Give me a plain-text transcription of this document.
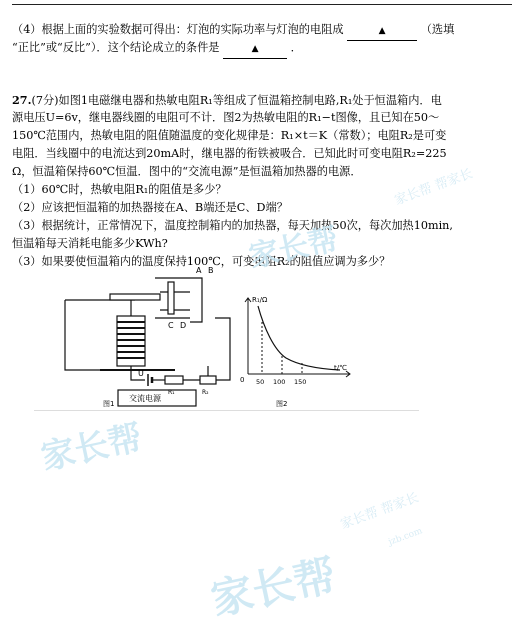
（4）根据上面的实验数据可得出：灯泡的实际功率与灯泡的电阻成	▲	（选填
“正比”或“反比”）．这个结论成立的条件是	▲	．
27.(7分)如图1电磁继电器和热敏电阻R₁等组成了恒温箱控制电路,R₁处于恒温箱内．电
源电压U=6v，继电器线圈的电阻可不计．图2为热敏电阻的R₁−t图像，且已知在50～
150℃范围内，热敏电阻的阻值随温度的变化规律是：R₁×t＝K（常数）；电阻R₂是可变
电阻．当线圈中的电流达到20mA时，继电器的衔铁被吸合．已知此时可变电阻R₂=225
Ω，恒温箱保持60℃恒温．图中的“交流电源”是恒温箱加热器的电源．
（1）60℃时，热敏电阻R₁的阻值是多少？
（2）应该把恒温箱的加热器接在A、B端还是C、D端？
（3）根据统计，正常情况下，温度控制箱内的加热器，每天加热50次，每次加热10min,
恒温箱每天消耗电能多少KWh?
（3）如果要使恒温箱内的温度保持100℃，可变电阻R₂的阻值应调为多少？
A B
C D
U
R₁	R₂
交流电源
R₁/Ω
t/℃
0 50 100 150
图1	图2
家长帮
家长帮 帮家长
家长帮
家长帮
家长帮 帮家长
jzb.com
